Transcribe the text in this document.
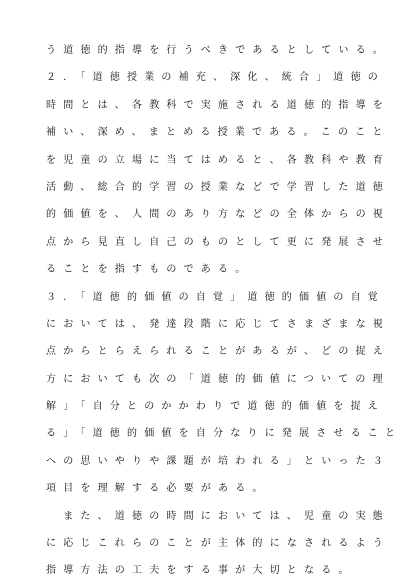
う道徳的指導を行うべきであるとしている。
２．「道徳授業の補充、深化、統合」道徳の
時間とは、各教科で実施される道徳的指導を
補い、深め、まとめる授業である。このこと
を児童の立場に当てはめると、各教科や教育
活動、総合的学習の授業などで学習した道徳
的価値を、人間のあり方などの全体からの視
点から見直し自己のものとして更に発展させ
ることを指すものである。
３．「道徳的価値の自覚」道徳的価値の自覚
においては、発達段階に応じてさまざまな視
点からとらえられることがあるが、どの捉え
方においても次の「道徳的価値についての理
解」「自分とのかかわりで道徳的価値を捉え
る」「道徳的価値を自分なりに発展させること
への思いやりや課題が培われる」といった３
項目を理解する必要がある。
　また、道徳の時間においては、児童の実態
に応じこれらのことが主体的になされるよう
指導方法の工夫をする事が大切となる。
